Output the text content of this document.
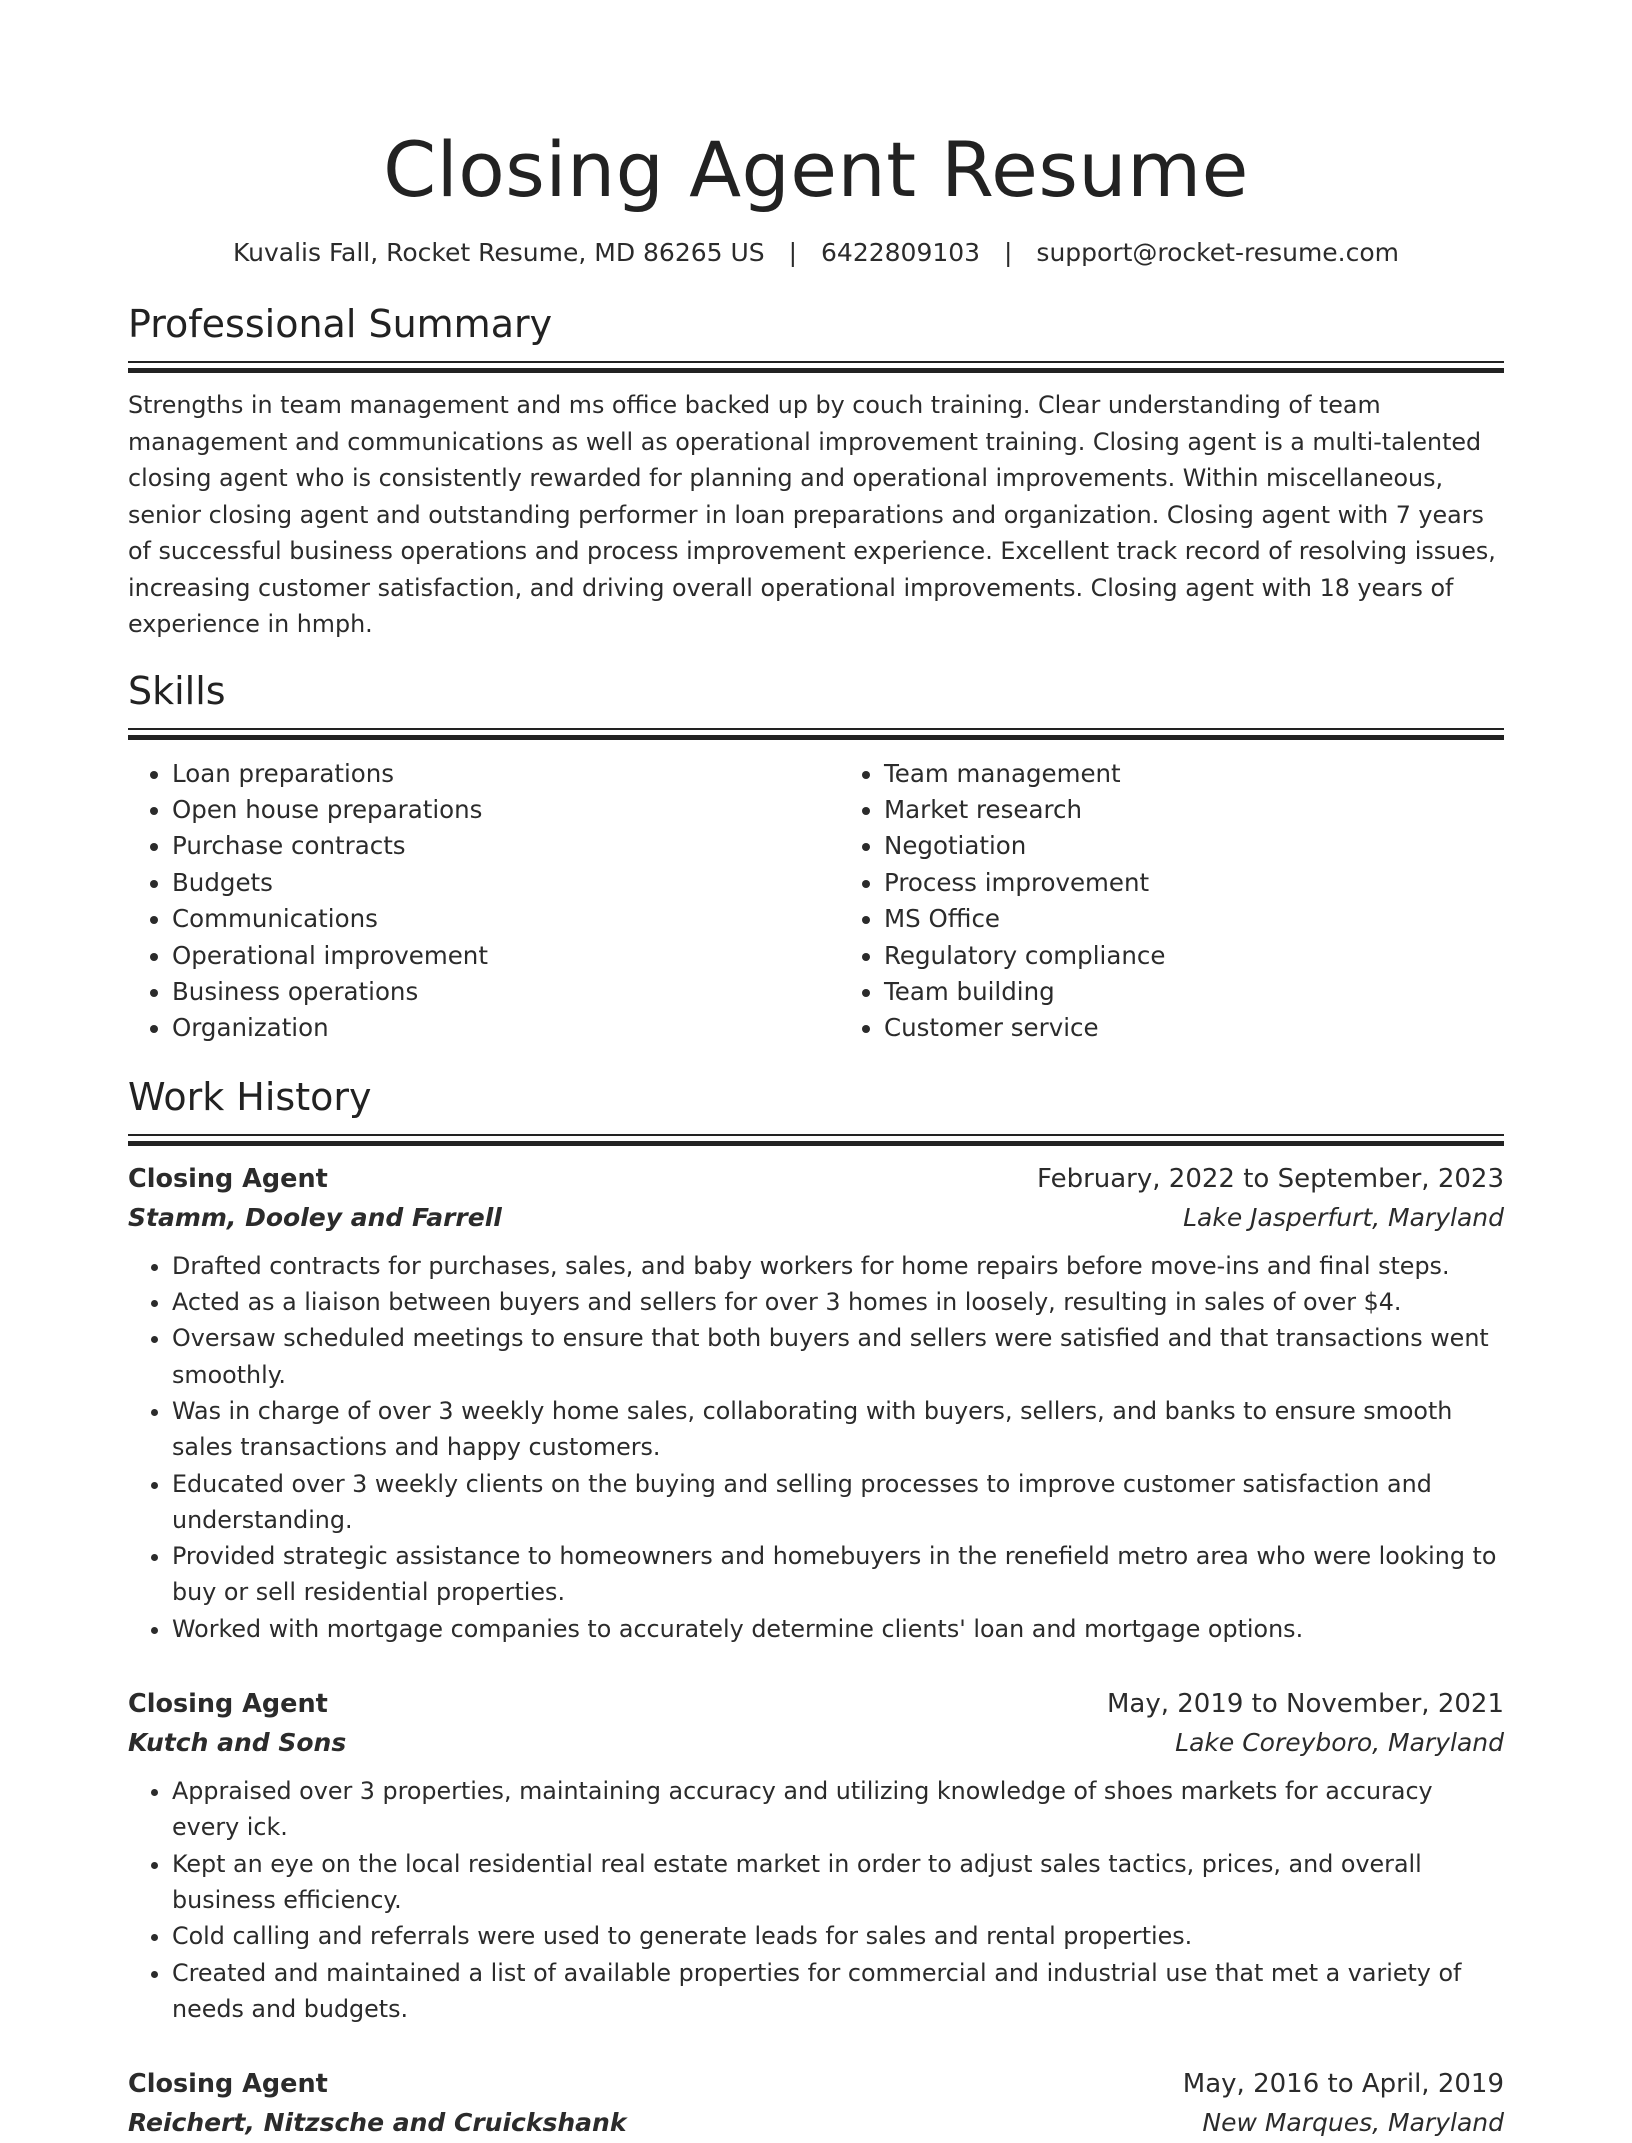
Closing Agent Resume
Kuvalis Fall, Rocket Resume, MD 86265 US | 6422809103 | support@rocket-resume.com
Professional Summary
Strengths in team management and ms office backed up by couch training. Clear understanding of team management and communications as well as operational improvement training. Closing agent is a multi-talented closing agent who is consistently rewarded for planning and operational improvements. Within miscellaneous, senior closing agent and outstanding performer in loan preparations and organization. Closing agent with 7 years of successful business operations and process improvement experience. Excellent track record of resolving issues, increasing customer satisfaction, and driving overall operational improvements. Closing agent with 18 years of experience in hmph.
Skills
• Loan preparations
• Open house preparations
• Purchase contracts
• Budgets
• Communications
• Operational improvement
• Business operations
• Organization
• Team management
• Market research
• Negotiation
• Process improvement
• MS Office
• Regulatory compliance
• Team building
• Customer service
Work History
Closing Agent	February, 2022 to September, 2023
Stamm, Dooley and Farrell	Lake Jasperfurt, Maryland
• Drafted contracts for purchases, sales, and baby workers for home repairs before move-ins and final steps.
• Acted as a liaison between buyers and sellers for over 3 homes in loosely, resulting in sales of over $4.
• Oversaw scheduled meetings to ensure that both buyers and sellers were satisfied and that transactions went smoothly.
• Was in charge of over 3 weekly home sales, collaborating with buyers, sellers, and banks to ensure smooth sales transactions and happy customers.
• Educated over 3 weekly clients on the buying and selling processes to improve customer satisfaction and understanding.
• Provided strategic assistance to homeowners and homebuyers in the renefield metro area who were looking to buy or sell residential properties.
• Worked with mortgage companies to accurately determine clients' loan and mortgage options.
Closing Agent	May, 2019 to November, 2021
Kutch and Sons	Lake Coreyboro, Maryland
• Appraised over 3 properties, maintaining accuracy and utilizing knowledge of shoes markets for accuracy every ick.
• Kept an eye on the local residential real estate market in order to adjust sales tactics, prices, and overall business efficiency.
• Cold calling and referrals were used to generate leads for sales and rental properties.
• Created and maintained a list of available properties for commercial and industrial use that met a variety of needs and budgets.
Closing Agent	May, 2016 to April, 2019
Reichert, Nitzsche and Cruickshank	New Marques, Maryland
